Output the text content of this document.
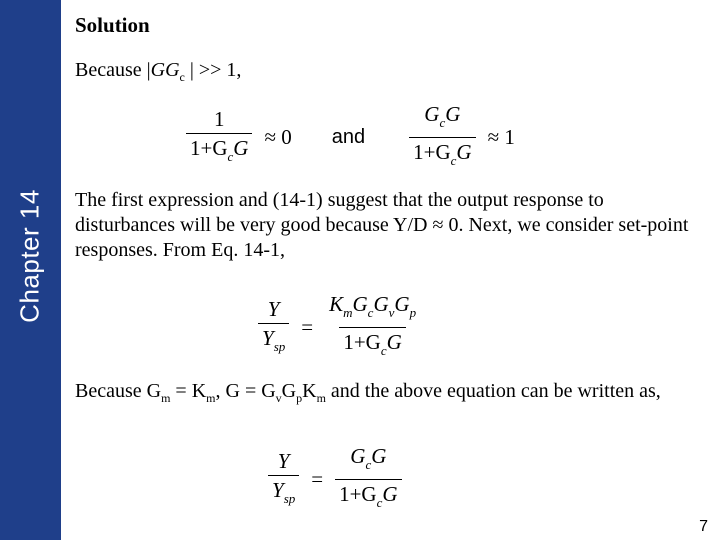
Chapter 14
Solution
Because $|GG_c$ | >> 1,
$\frac{1}{1+G_cG} \approx 0$ and $\frac{G_cG}{1+G_cG} \approx 1$
The first expression and (14-1) suggest that the output response to disturbances will be very good because Y/D ≈ 0. Next, we consider set-point responses. From Eq. 14-1,
$\frac{Y}{Y_{sp}} = \frac{K_mG_cG_vG_p}{1+G_cG}$
Because $G_m = K_m$, $G = G_vG_pK_m$ and the above equation can be written as,
$\frac{Y}{Y_{sp}} = \frac{G_cG}{1+G_cG}$
7
